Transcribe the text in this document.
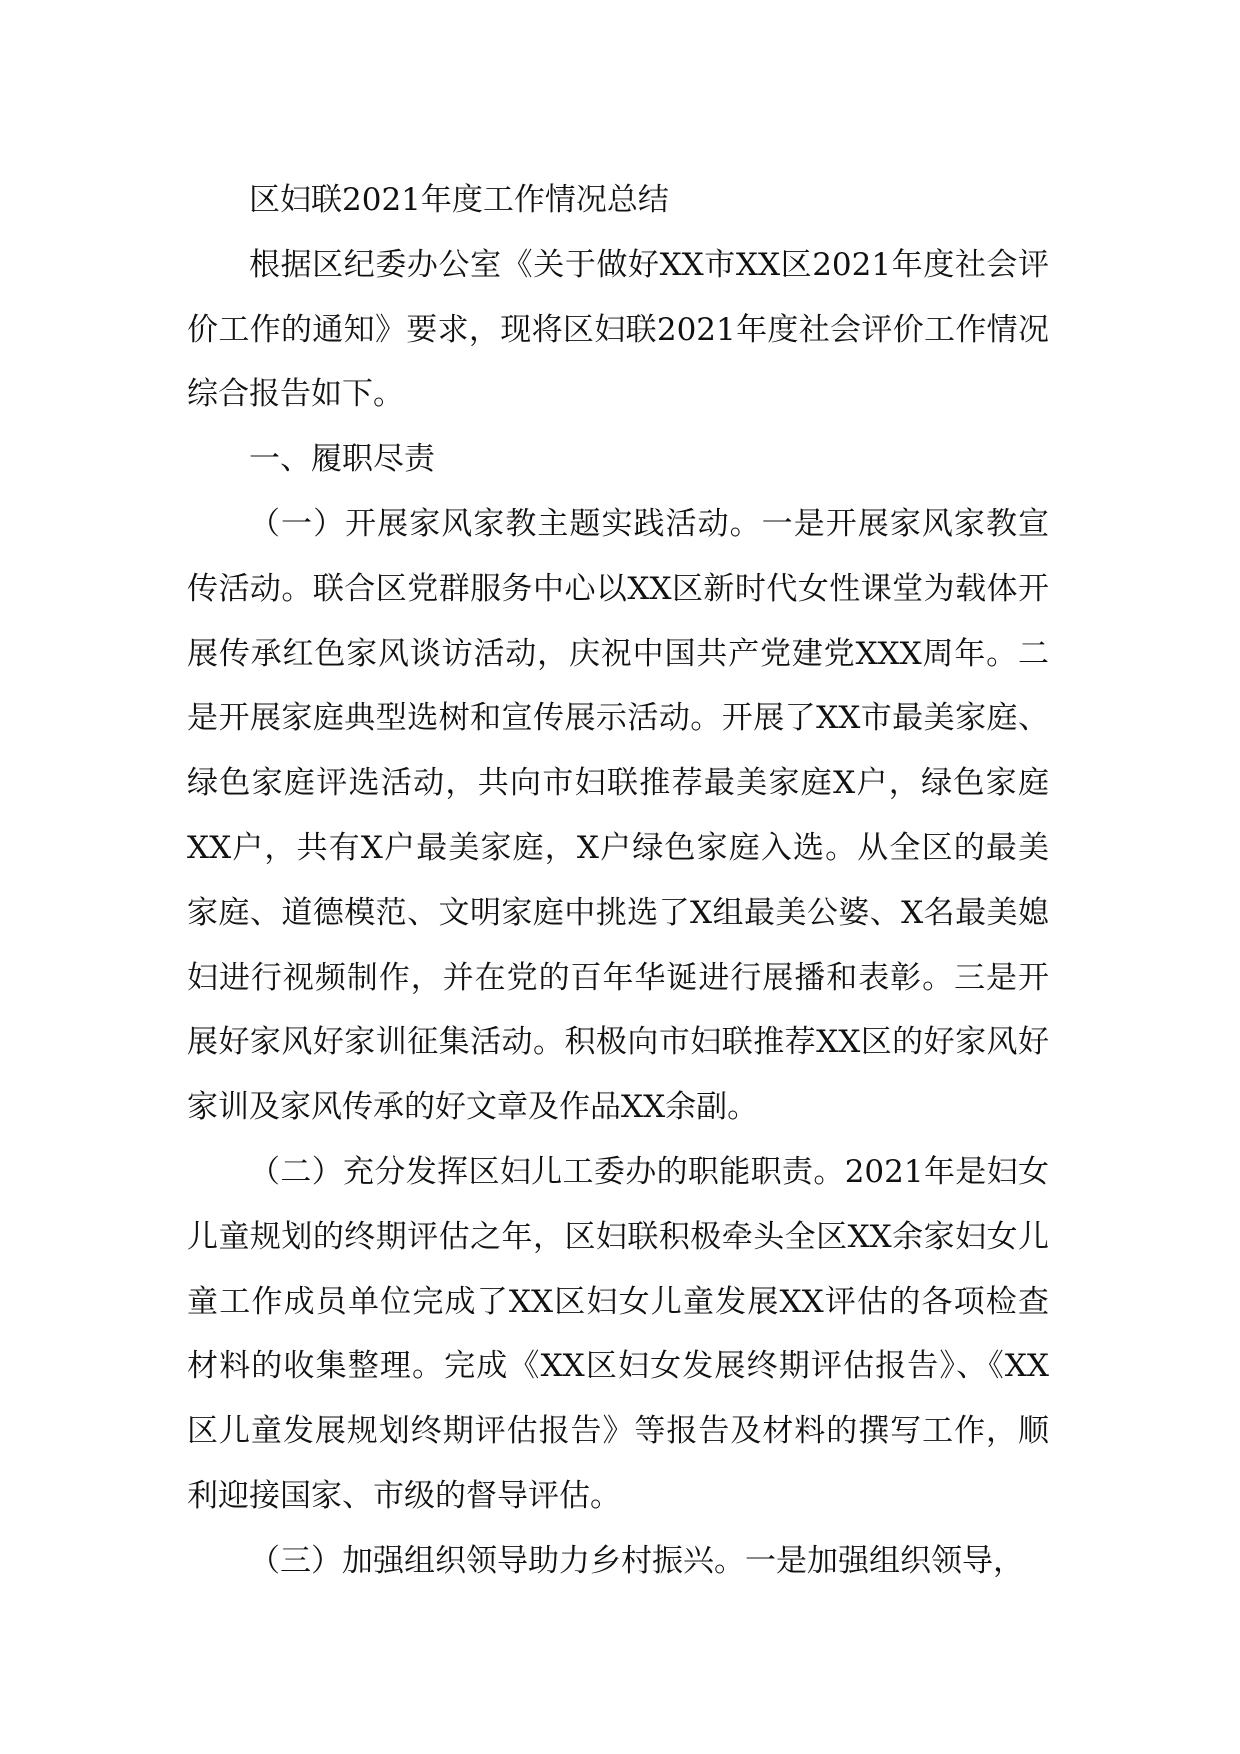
区妇联2021年度工作情况总结

根据区纪委办公室《关于做好XX市XX区2021年度社会评价工作的通知》要求，现将区妇联2021年度社会评价工作情况综合报告如下。

一、履职尽责

（一）开展家风家教主题实践活动。一是开展家风家教宣传活动。联合区党群服务中心以XX区新时代女性课堂为载体开展传承红色家风谈访活动，庆祝中国共产党建党XXX周年。二是开展家庭典型选树和宣传展示活动。开展了XX市最美家庭、绿色家庭评选活动，共向市妇联推荐最美家庭X户，绿色家庭XX户，共有X户最美家庭，X户绿色家庭入选。从全区的最美家庭、道德模范、文明家庭中挑选了X组最美公婆、X名最美媳妇进行视频制作，并在党的百年华诞进行展播和表彰。三是开展好家风好家训征集活动。积极向市妇联推荐XX区的好家风好家训及家风传承的好文章及作品XX余副。

（二）充分发挥区妇儿工委办的职能职责。2021年是妇女儿童规划的终期评估之年，区妇联积极牵头全区XX余家妇女儿童工作成员单位完成了XX区妇女儿童发展XX评估的各项检查材料的收集整理。完成《XX区妇女发展终期评估报告》、《XX区儿童发展规划终期评估报告》等报告及材料的撰写工作，顺利迎接国家、市级的督导评估。

（三）加强组织领导助力乡村振兴。一是加强组织领导，
